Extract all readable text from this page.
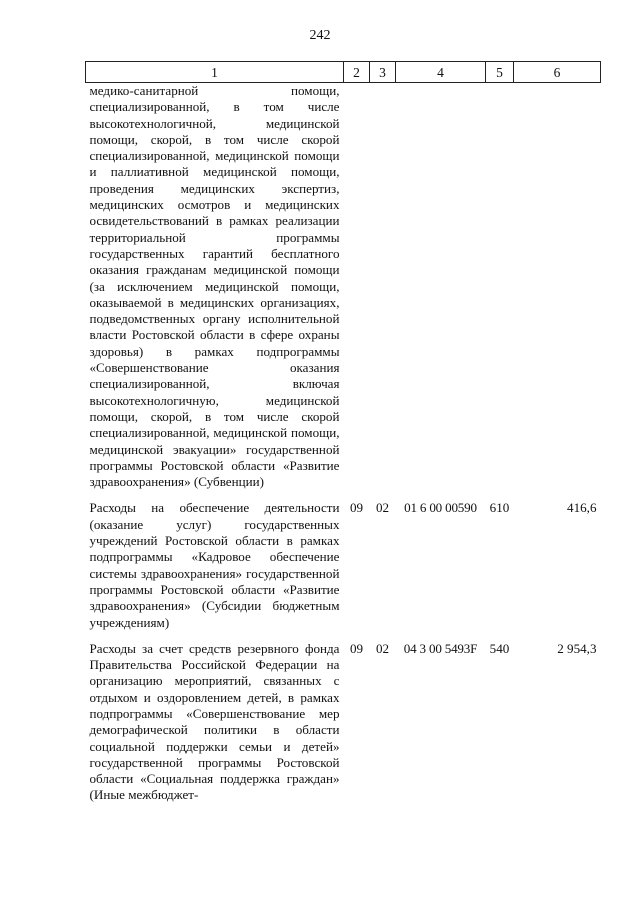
242
1	2	3	4	5	6
медико-санитарной помощи, специализированной, в том числе высокотехнологичной, медицинской помощи, скорой, в том числе скорой специализированной, медицинской помощи и паллиативной медицинской помощи, проведения медицинских экспертиз, медицинских осмотров и медицинских освидетельствований в рамках реализации территориальной программы государственных гарантий бесплатного оказания гражданам медицинской помощи (за исключением медицинской помощи, оказываемой в медицинских организациях, подведомственных органу исполнительной власти Ростовской области в сфере охраны здоровья) в рамках подпрограммы «Совершенствование оказания специализированной, включая высокотехнологичную, медицинской помощи, скорой, в том числе скорой специализированной, медицинской помощи, медицинской эвакуации» государственной программы Ростовской области «Развитие здравоохранения» (Субвенции)					
Расходы на обеспечение деятельности (оказание услуг) государственных учреждений Ростовской области в рамках подпрограммы «Кадровое обеспечение системы здравоохранения» государственной программы Ростовской области «Развитие здравоохранения» (Субсидии бюджетным учреждениям)	09	02	01 6 00 00590	610	416,6
Расходы за счет средств резервного фонда Правительства Российской Федерации на организацию мероприятий, связанных с отдыхом и оздоровлением детей, в рамках подпрограммы «Совершенствование мер демографической политики в области социальной поддержки семьи и детей» государственной программы Ростовской области «Социальная поддержка граждан» (Иные межбюджет-	09	02	04 3 00 5493F	540	2 954,3
